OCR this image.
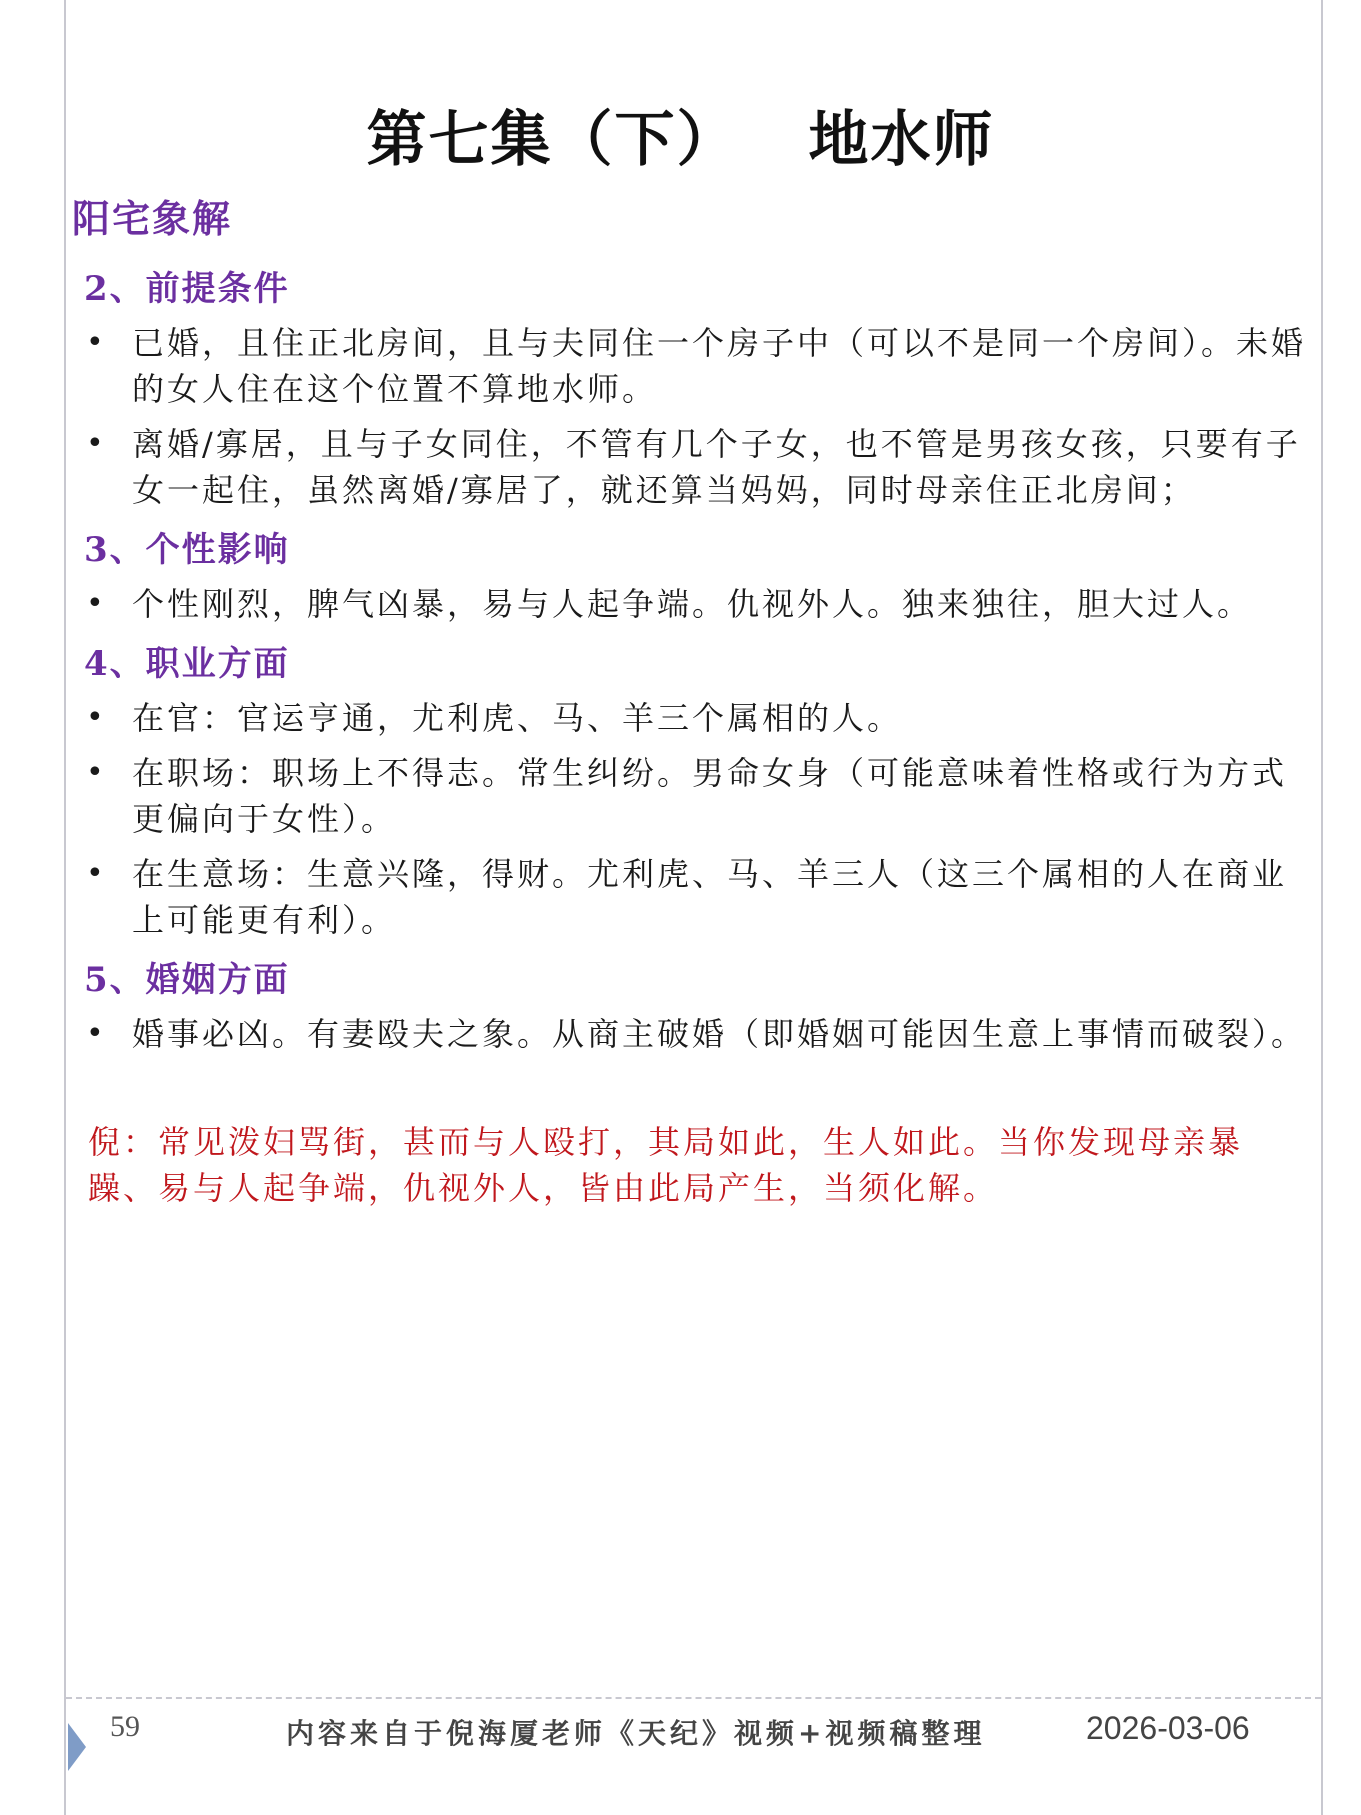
第七集（下） 地水师
阳宅象解
2、前提条件
• 已婚，且住正北房间，且与夫同住一个房子中（可以不是同一个房间）。未婚的女人住在这个位置不算地水师。
• 离婚/寡居，且与子女同住，不管有几个子女，也不管是男孩女孩，只要有子女一起住，虽然离婚/寡居了，就还算当妈妈，同时母亲住正北房间；
3、个性影响
• 个性刚烈，脾气凶暴，易与人起争端。仇视外人。独来独往，胆大过人。
4、职业方面
• 在官：官运亨通，尤利虎、马、羊三个属相的人。
• 在职场：职场上不得志。常生纠纷。男命女身（可能意味着性格或行为方式更偏向于女性）。
• 在生意场：生意兴隆，得财。尤利虎、马、羊三人（这三个属相的人在商业上可能更有利）。
5、婚姻方面
• 婚事必凶。有妻殴夫之象。从商主破婚（即婚姻可能因生意上事情而破裂）。
倪：常见泼妇骂街，甚而与人殴打，其局如此，生人如此。当你发现母亲暴躁、易与人起争端，仇视外人，皆由此局产生，当须化解。
59	内容来自于倪海厦老师《天纪》视频+视频稿整理	2026-03-06
